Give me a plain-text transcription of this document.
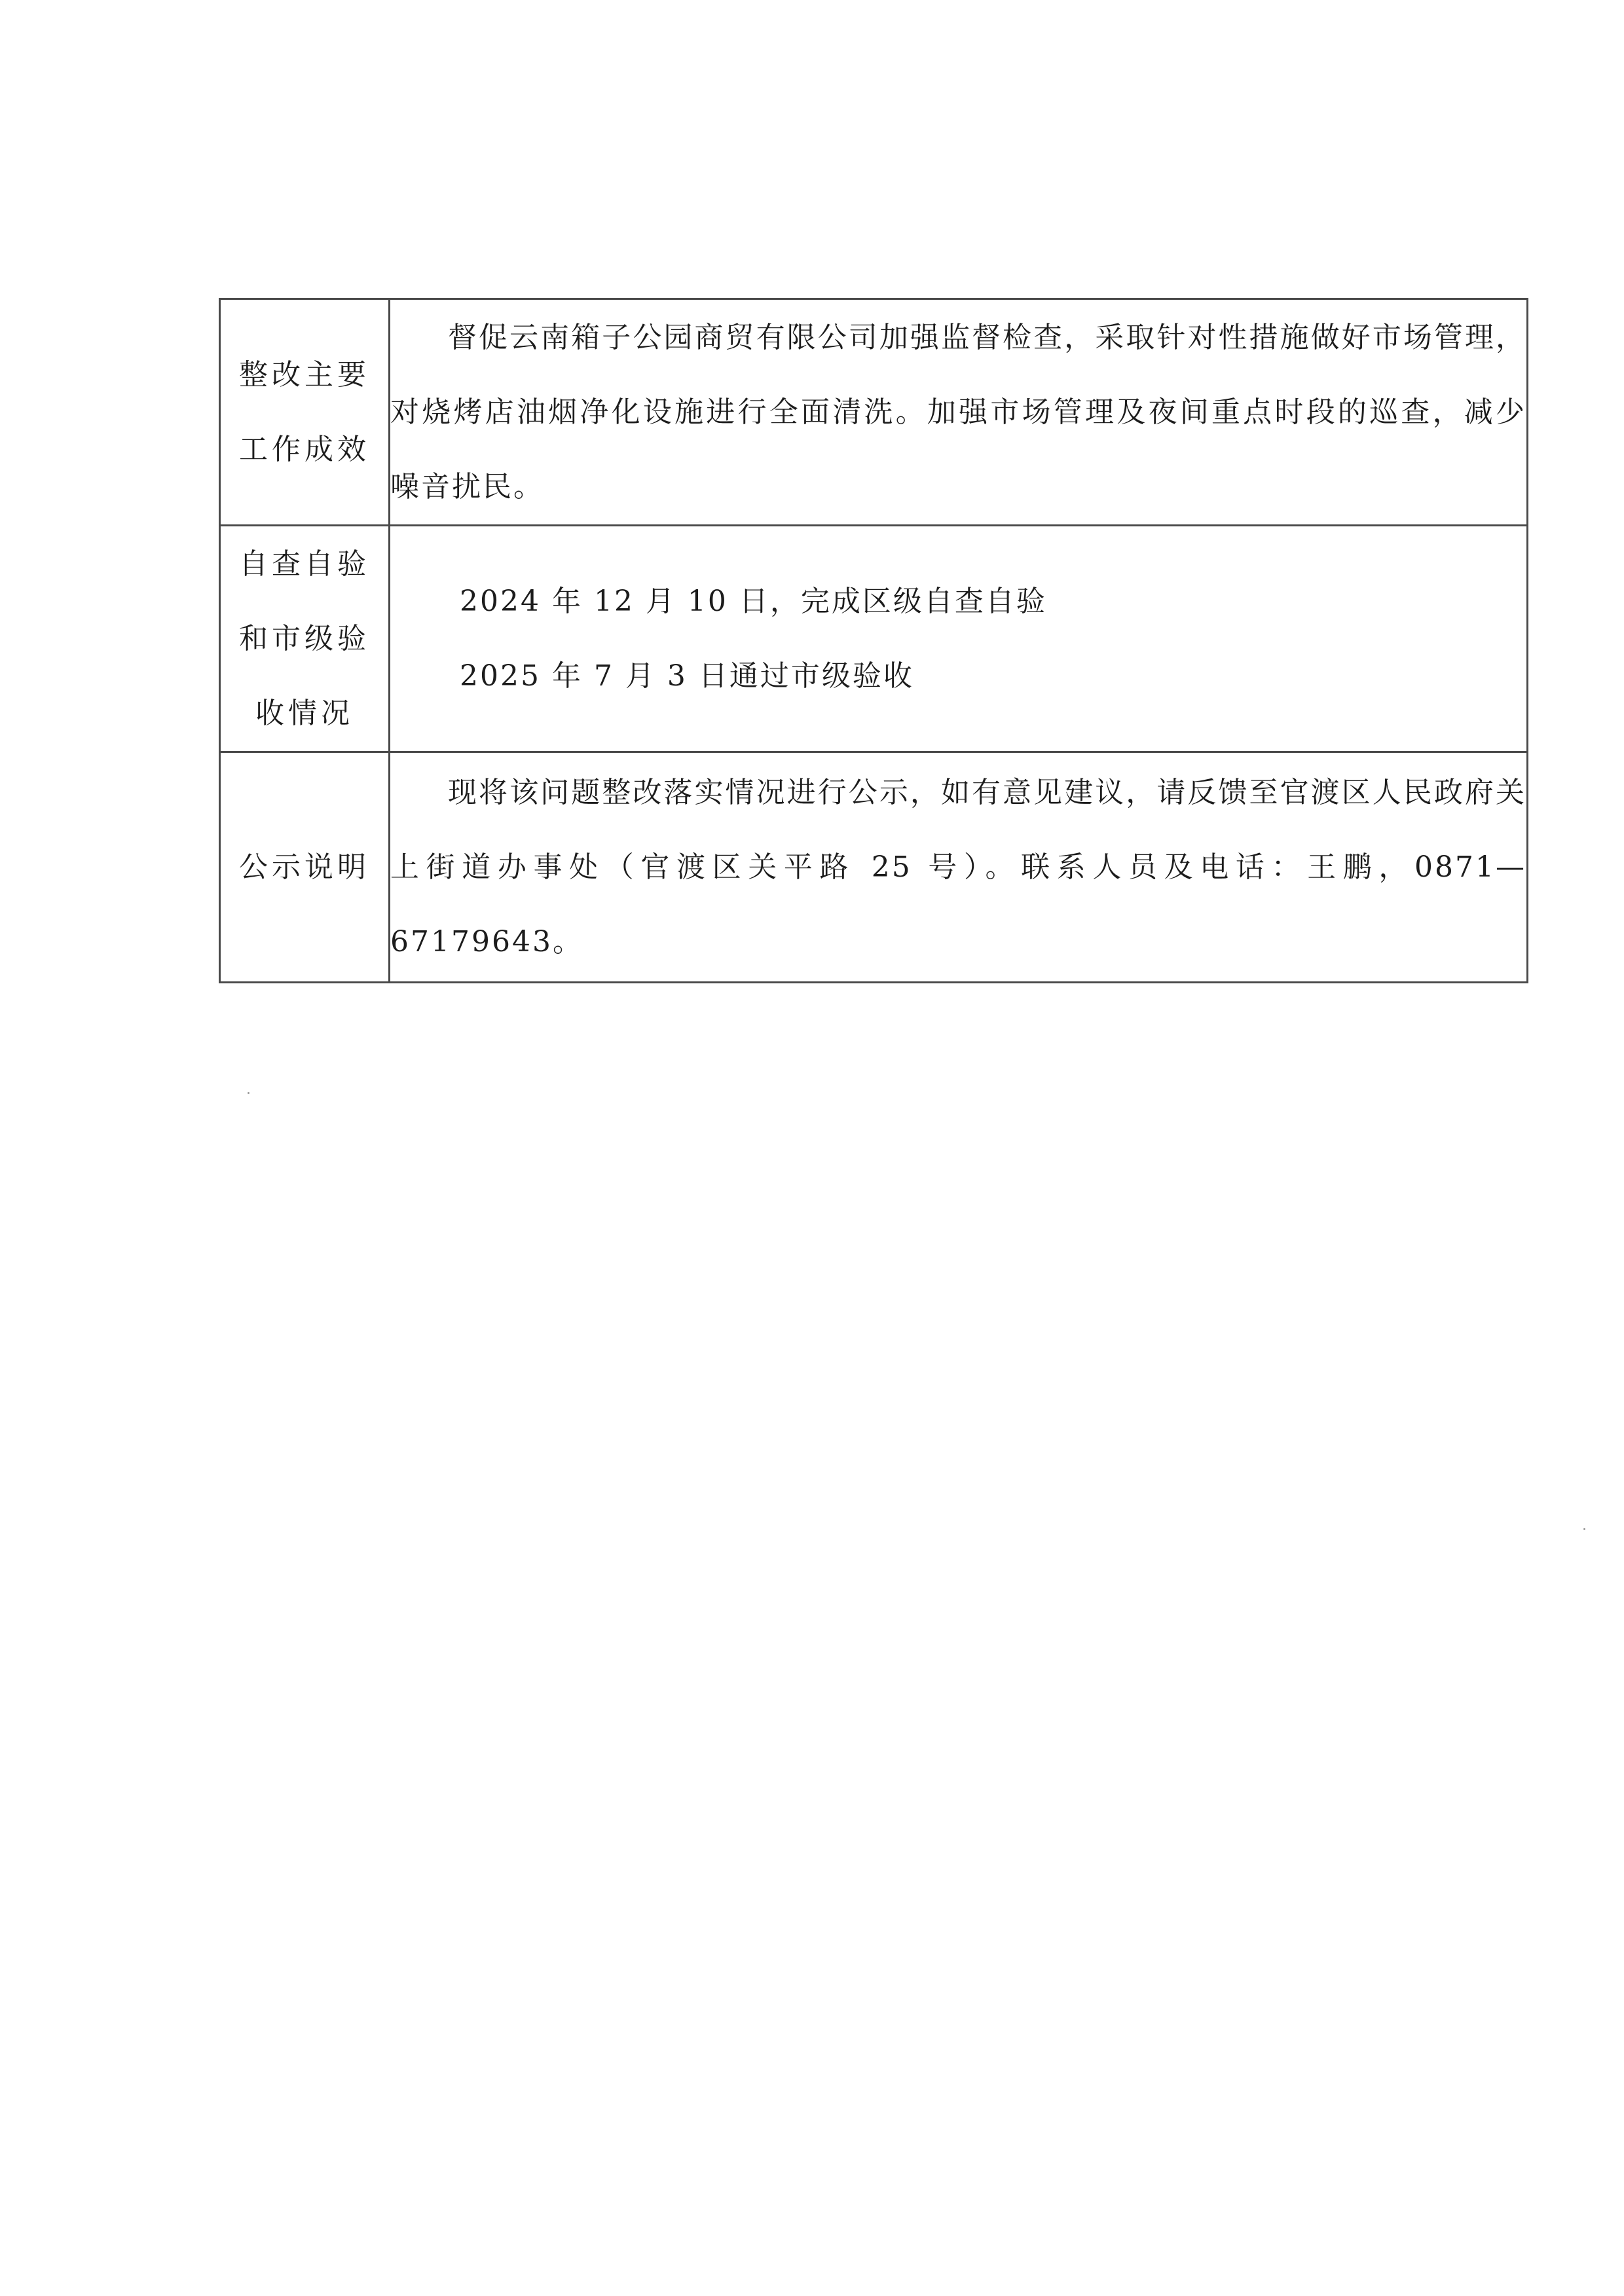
整改主要
工作成效	督促云南箱子公园商贸有限公司加强监督检查，采取针对性措施做好市场管理，对烧烤店油烟净化设施进行全面清洗。加强市场管理及夜间重点时段的巡查，减少噪音扰民。

自查自验
和市级验
收情况	2024 年 12 月 10 日，完成区级自查自验
2025 年 7 月 3 日通过市级验收

公示说明	现将该问题整改落实情况进行公示，如有意见建议，请反馈至官渡区人民政府关上街道办事处（官渡区关平路 25 号）。联系人员及电话：王鹏，0871—67179643。
